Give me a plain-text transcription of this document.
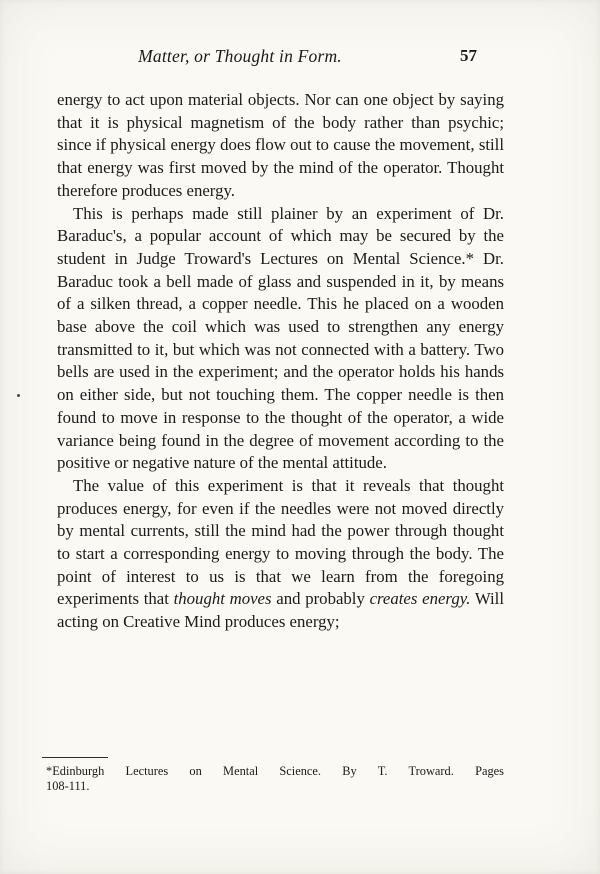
Matter, or Thought in Form.	57

energy to act upon material objects. Nor can one object by saying that it is physical magnetism of the body rather than psychic; since if physical energy does flow out to cause the movement, still that energy was first moved by the mind of the operator. Thought therefore produces energy.

This is perhaps made still plainer by an experiment of Dr. Baraduc's, a popular account of which may be secured by the student in Judge Troward's Lectures on Mental Science.* Dr. Baraduc took a bell made of glass and suspended in it, by means of a silken thread, a copper needle. This he placed on a wooden base above the coil which was used to strengthen any energy transmitted to it, but which was not connected with a battery. Two bells are used in the experiment; and the operator holds his hands on either side, but not touching them. The copper needle is then found to move in response to the thought of the operator, a wide variance being found in the degree of movement according to the positive or negative nature of the mental attitude.

The value of this experiment is that it reveals that thought produces energy, for even if the needles were not moved directly by mental currents, still the mind had the power through thought to start a corresponding energy to moving through the body. The point of interest to us is that we learn from the foregoing experiments that thought moves and probably creates energy. Will acting on Creative Mind produces energy;

*Edinburgh Lectures on Mental Science. By T. Troward. Pages
108-111.
